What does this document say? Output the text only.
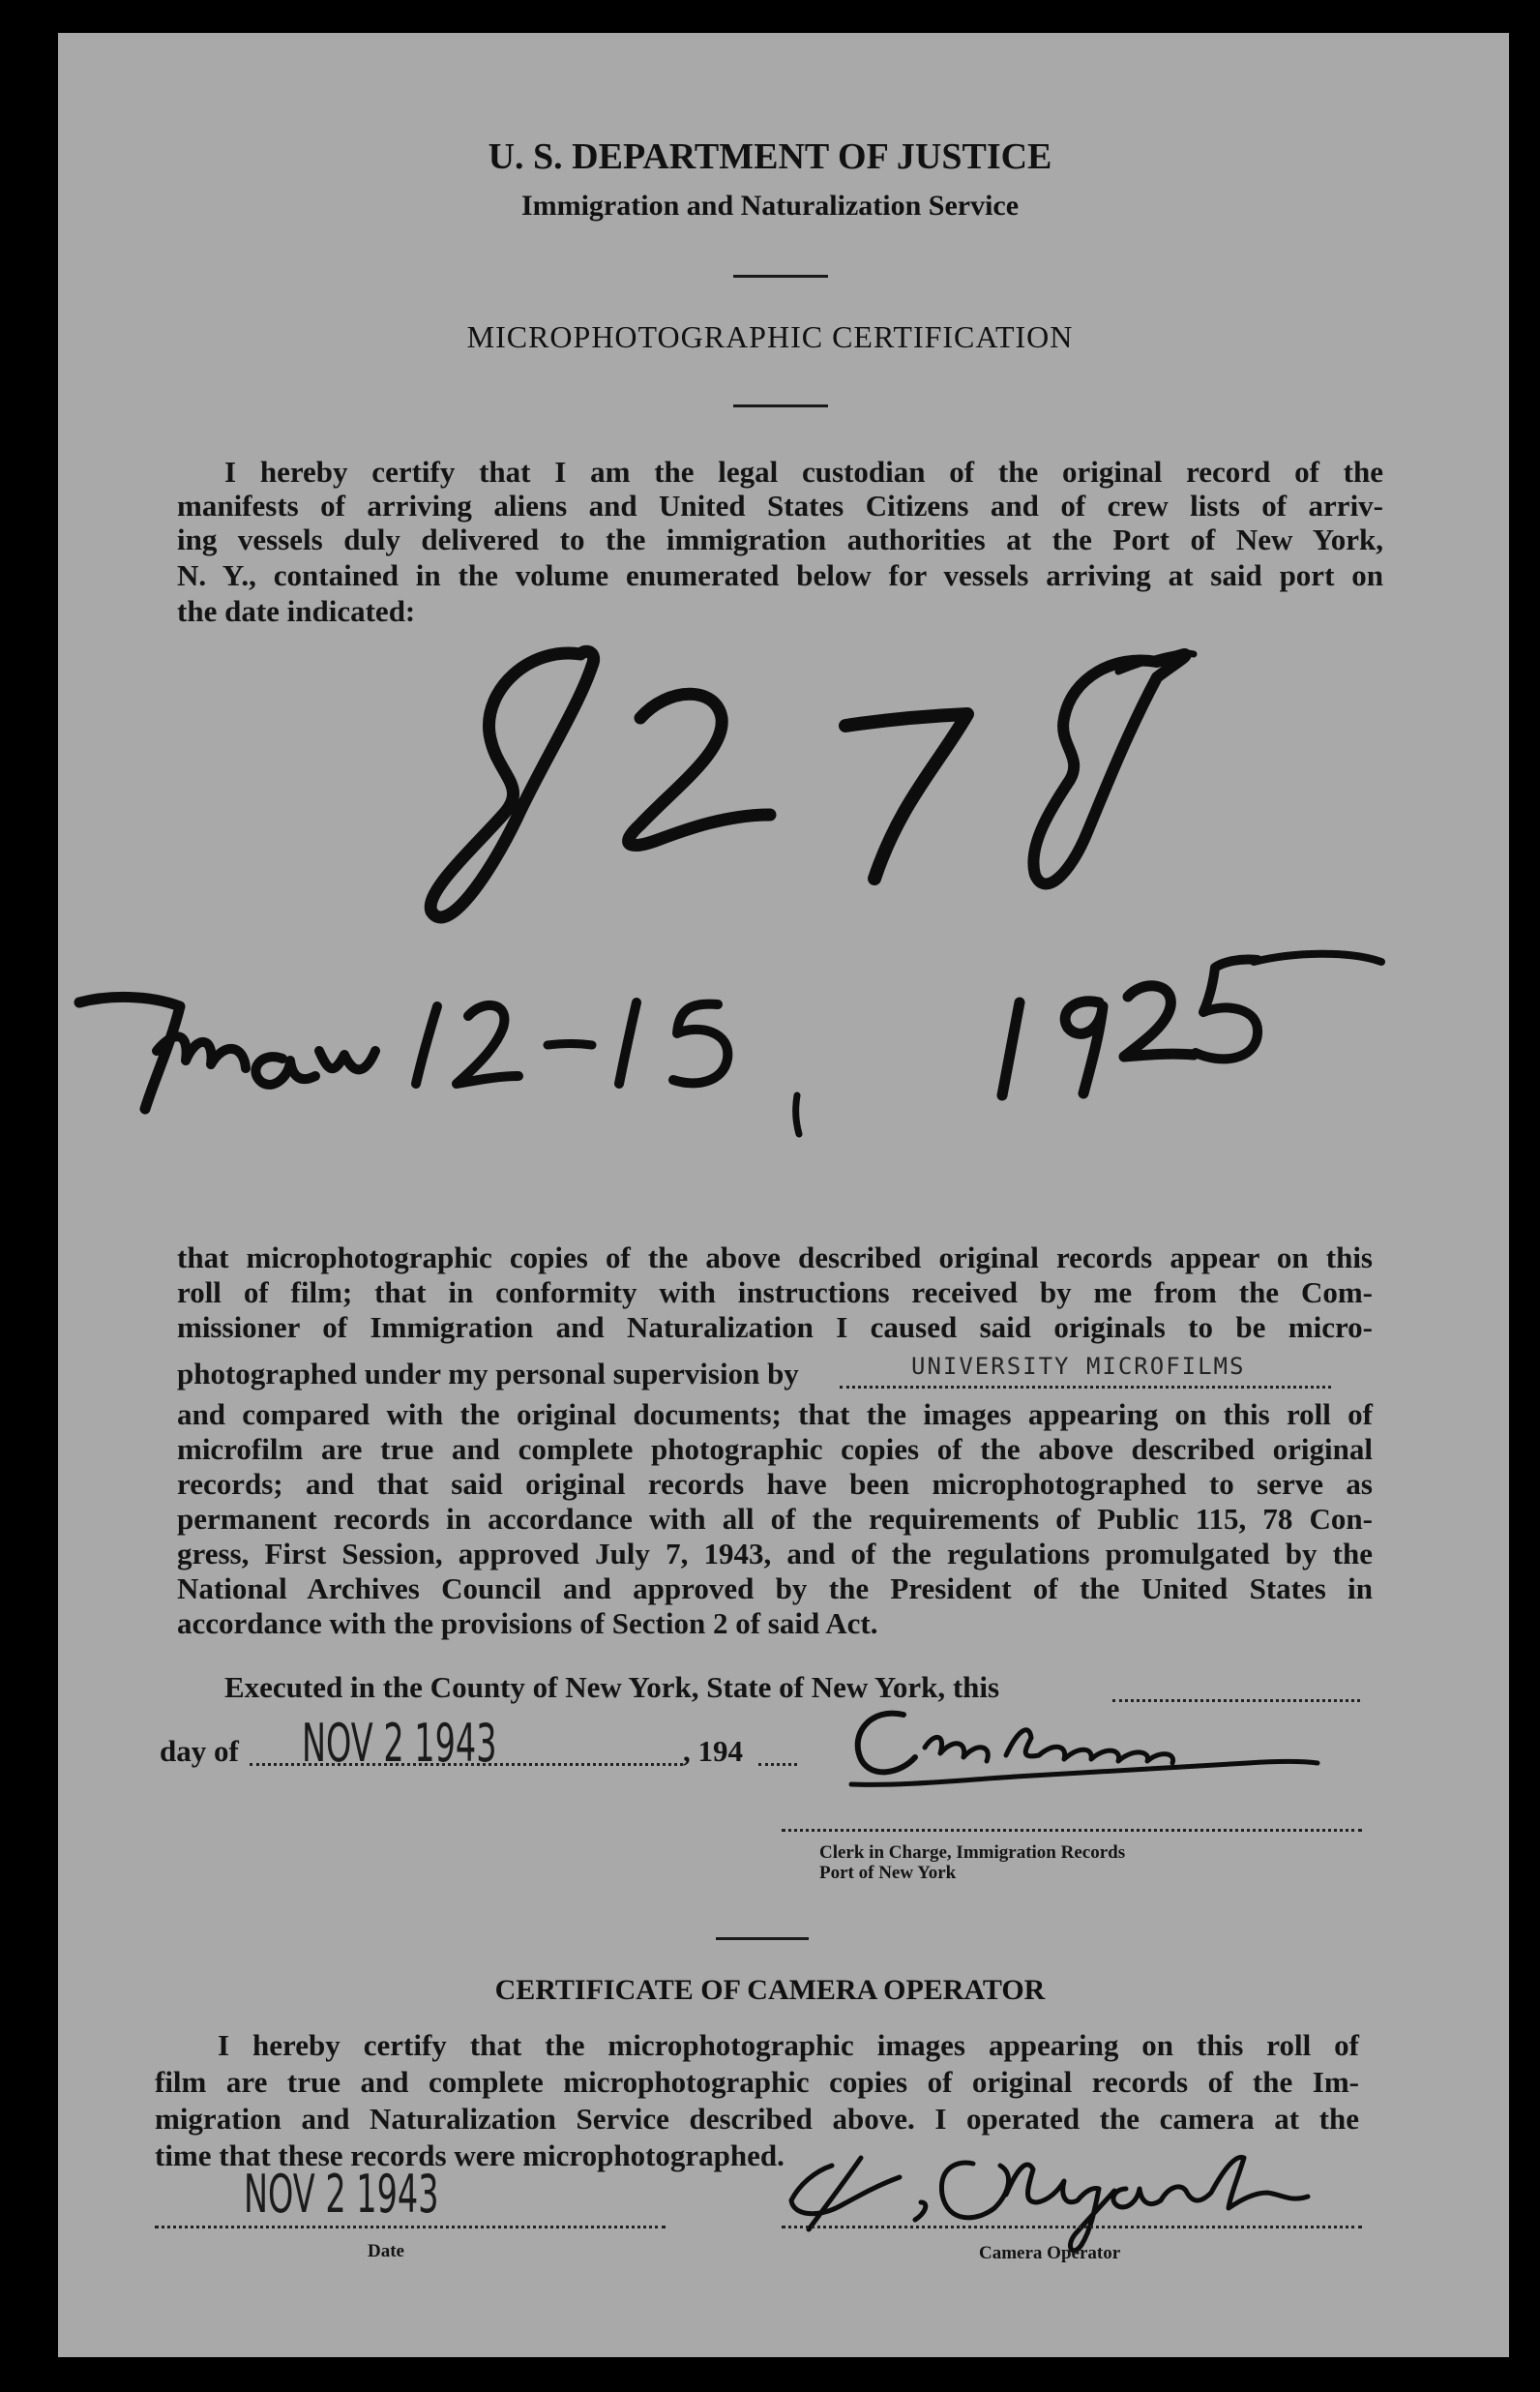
U. S. DEPARTMENT OF JUSTICE
Immigration and Naturalization Service
MICROPHOTOGRAPHIC CERTIFICATION
I hereby certify that I am the legal custodian of the original record of the
manifests of arriving aliens and United States Citizens and of crew lists of arriv-
ing vessels duly delivered to the immigration authorities at the Port of New York,
N. Y., contained in the volume enumerated below for vessels arriving at said port on
the date indicated:
that microphotographic copies of the above described original records appear on this
roll of film; that in conformity with instructions received by me from the Com-
missioner of Immigration and Naturalization I caused said originals to be micro-
photographed under my personal supervision by	UNIVERSITY MICROFILMS
and compared with the original documents; that the images appearing on this roll of
microfilm are true and complete photographic copies of the above described original
records; and that said original records have been microphotographed to serve as
permanent records in accordance with all of the requirements of Public 115, 78 Con-
gress, First Session, approved July 7, 1943, and of the regulations promulgated by the
National Archives Council and approved by the President of the United States in
accordance with the provisions of Section 2 of said Act.
Executed in the County of New York, State of New York, this
day of NOV 2 1943	, 194
Clerk in Charge, Immigration Records
Port of New York
CERTIFICATE OF CAMERA OPERATOR
I hereby certify that the microphotographic images appearing on this roll of
film are true and complete microphotographic copies of original records of the Im-
migration and Naturalization Service described above. I operated the camera at the
time that these records were microphotographed.
NOV 2 1943
Date	Camera Operator
